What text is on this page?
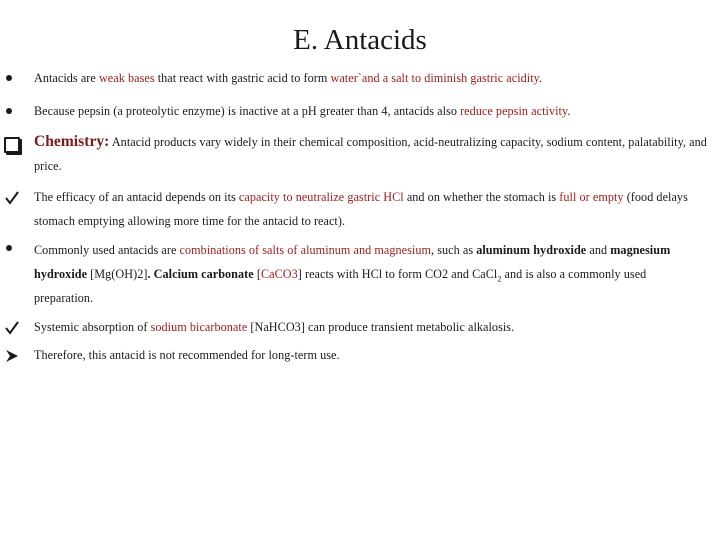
E. Antacids
Antacids are weak bases that react with gastric acid to form water`and a salt to diminish gastric acidity.
Because pepsin (a proteolytic enzyme) is inactive at a pH greater than 4, antacids also reduce pepsin activity.
Chemistry: Antacid products vary widely in their chemical composition, acid-neutralizing capacity, sodium content, palatability, and price.
The efficacy of an antacid depends on its capacity to neutralize gastric HCl and on whether the stomach is full or empty (food delays stomach emptying allowing more time for the antacid to react).
Commonly used antacids are combinations of salts of aluminum and magnesium, such as aluminum hydroxide and magnesium hydroxide [Mg(OH)2]. Calcium carbonate [CaCO3] reacts with HCl to form CO2 and CaCl$_2$ and is also a commonly used preparation.
Systemic absorption of sodium bicarbonate [NaHCO3] can produce transient metabolic alkalosis.
Therefore, this antacid is not recommended for long-term use.
